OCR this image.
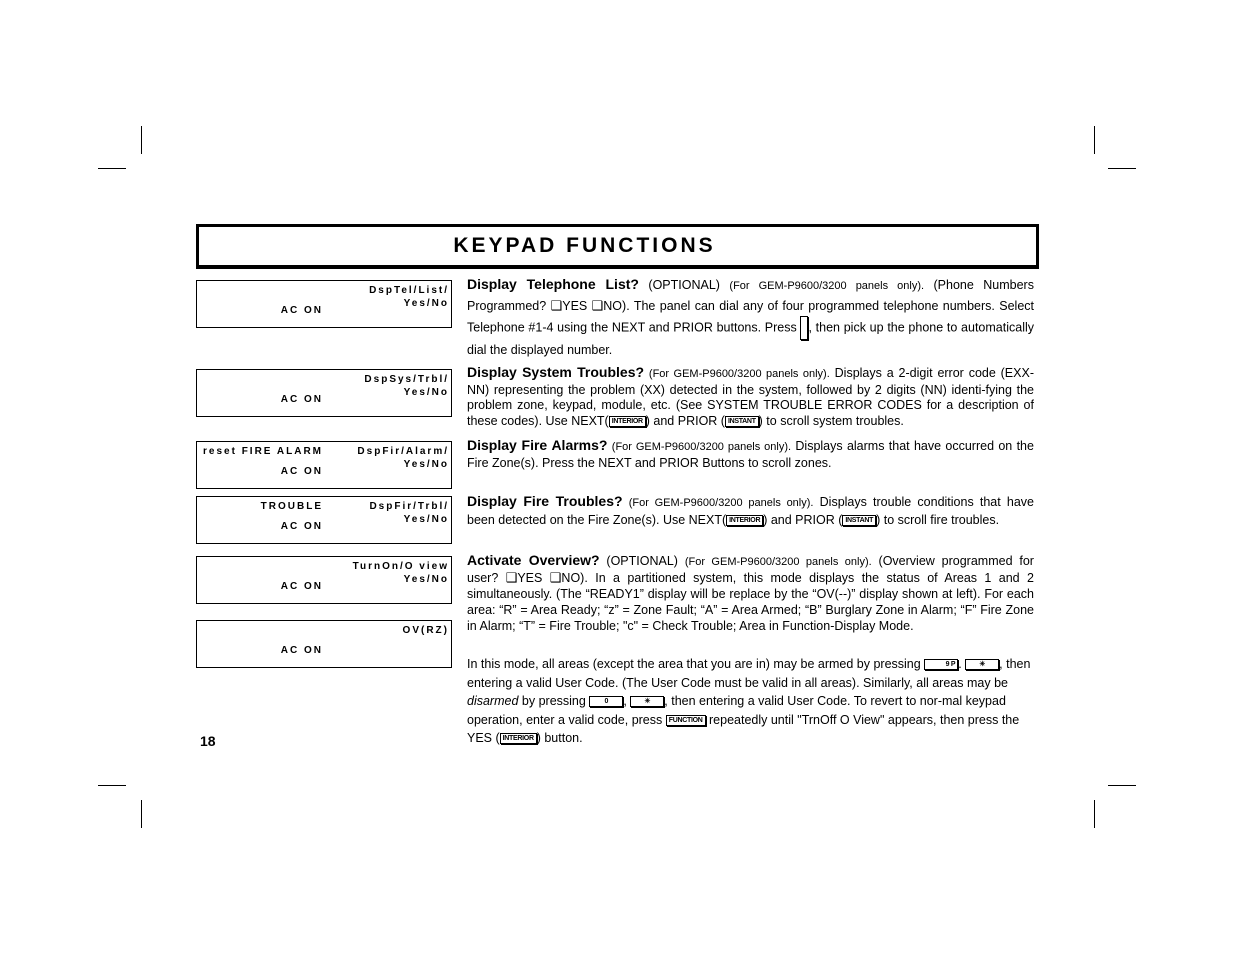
KEYPAD FUNCTIONS
AC ON
DspTel/List/
Yes/No
AC ON
DspSys/Trbl/
Yes/No
reset FIRE ALARM
AC ON
DspFir/Alarm/
Yes/No
TROUBLE
AC ON
DspFir/Trbl/
Yes/No
AC ON
TurnOn/O view
Yes/No
AC ON
OV(RZ)
Display Telephone List? (OPTIONAL) (For GEM-P9600/3200 panels only). (Phone Numbers Programmed? ❑YES ❑NO). The panel can dial any of four programmed telephone numbers. Select Telephone #1-4 using the NEXT and PRIOR buttons. Press , then pick up the phone to automatically dial the displayed number.
Display System Troubles? (For GEM-P9600/3200 panels only). Displays a 2-digit error code (EXX-NN) representing the problem (XX) detected in the system, followed by 2 digits (NN) identi-fying the problem zone, keypad, module, etc. (See SYSTEM TROUBLE ERROR CODES for a description of these codes). Use NEXT( INTERIOR ) and PRIOR ( INSTANT ) to scroll system troubles.
Display Fire Alarms? (For GEM-P9600/3200 panels only). Displays alarms that have occurred on the Fire Zone(s). Press the NEXT and PRIOR Buttons to scroll zones.
Display Fire Troubles? (For GEM-P9600/3200 panels only). Displays trouble conditions that have been detected on the Fire Zone(s). Use NEXT( INTERIOR ) and PRIOR ( INSTANT ) to scroll fire troubles.
Activate Overview? (OPTIONAL) (For GEM-P9600/3200 panels only). (Overview programmed for user? ❑YES ❑NO). In a partitioned system, this mode displays the status of Areas 1 and 2 simultaneously. (The “READY1” display will be replace by the “OV(--)” display shown at left). For each area: “R” = Area Ready; “z” = Zone Fault; “A” = Area Armed; “B” Burglary Zone in Alarm; “F” Fire Zone in Alarm; “T” = Fire Trouble; "c" = Check Trouble; Area in Function-Display Mode.
In this mode, all areas (except the area that you are in) may be armed by pressing	9 P .	✳ , then entering a valid User Code. (The User Code must be valid in all areas). Similarly, all areas may be disarmed by pressing	0 ,	✳ , then entering a valid User Code. To revert to nor-mal keypad operation, enter a valid code, press FUNCTION repeatedly until "TrnOff O View" appears, then press the YES ( INTERIOR ) button.
18
